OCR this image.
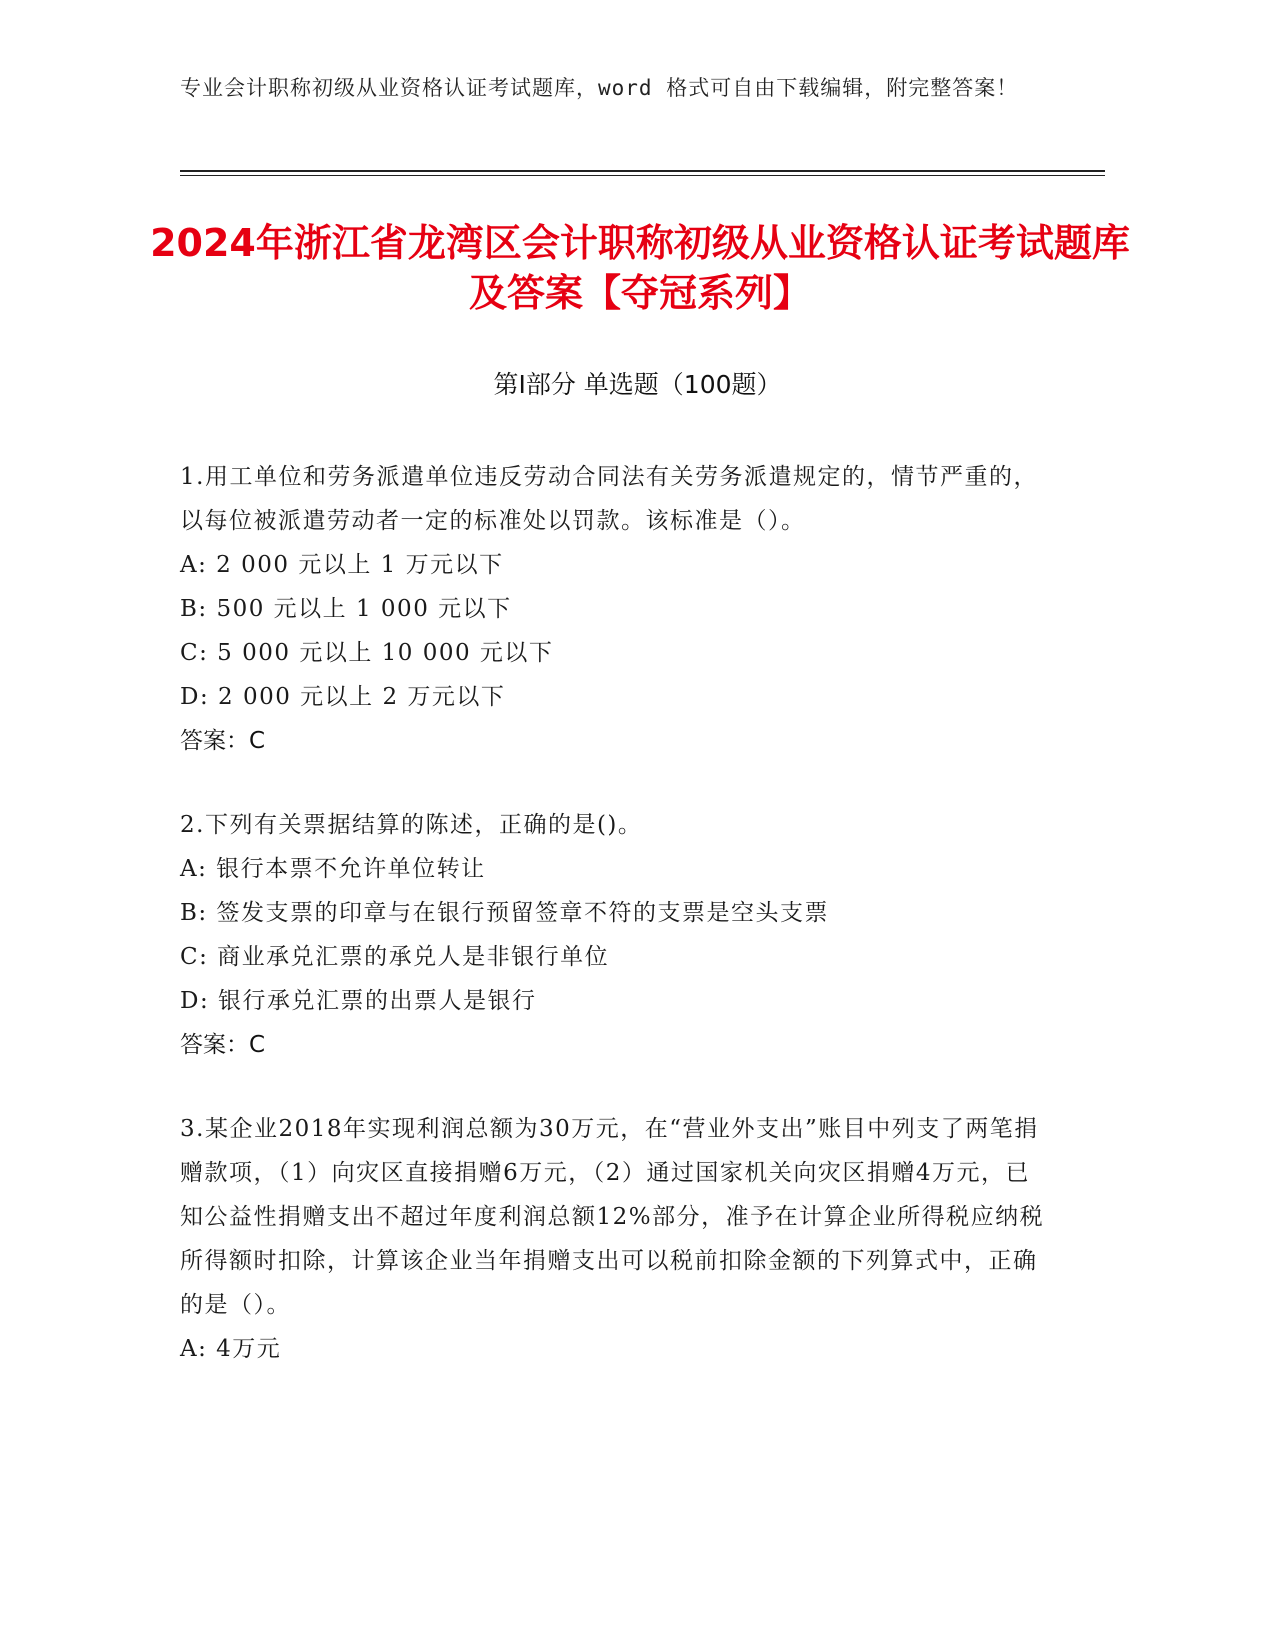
专业会计职称初级从业资格认证考试题库，word 格式可自由下载编辑，附完整答案！
2024年浙江省龙湾区会计职称初级从业资格认证考试题库及答案【夺冠系列】
第Ⅰ部分 单选题（100题）
1.用工单位和劳务派遣单位违反劳动合同法有关劳务派遣规定的，情节严重的，以每位被派遣劳动者一定的标准处以罚款。该标准是（）。
A: 2 000 元以上 1 万元以下
B: 500 元以上 1 000 元以下
C: 5 000 元以上 10 000 元以下
D: 2 000 元以上 2 万元以下
答案：C
2.下列有关票据结算的陈述，正确的是()。
A: 银行本票不允许单位转让
B: 签发支票的印章与在银行预留签章不符的支票是空头支票
C: 商业承兑汇票的承兑人是非银行单位
D: 银行承兑汇票的出票人是银行
答案：C
3.某企业2018年实现利润总额为30万元，在“营业外支出”账目中列支了两笔捐赠款项，（1）向灾区直接捐赠6万元，（2）通过国家机关向灾区捐赠4万元，已知公益性捐赠支出不超过年度利润总额12%部分，准予在计算企业所得税应纳税所得额时扣除，计算该企业当年捐赠支出可以税前扣除金额的下列算式中，正确的是（）。
A: 4万元
